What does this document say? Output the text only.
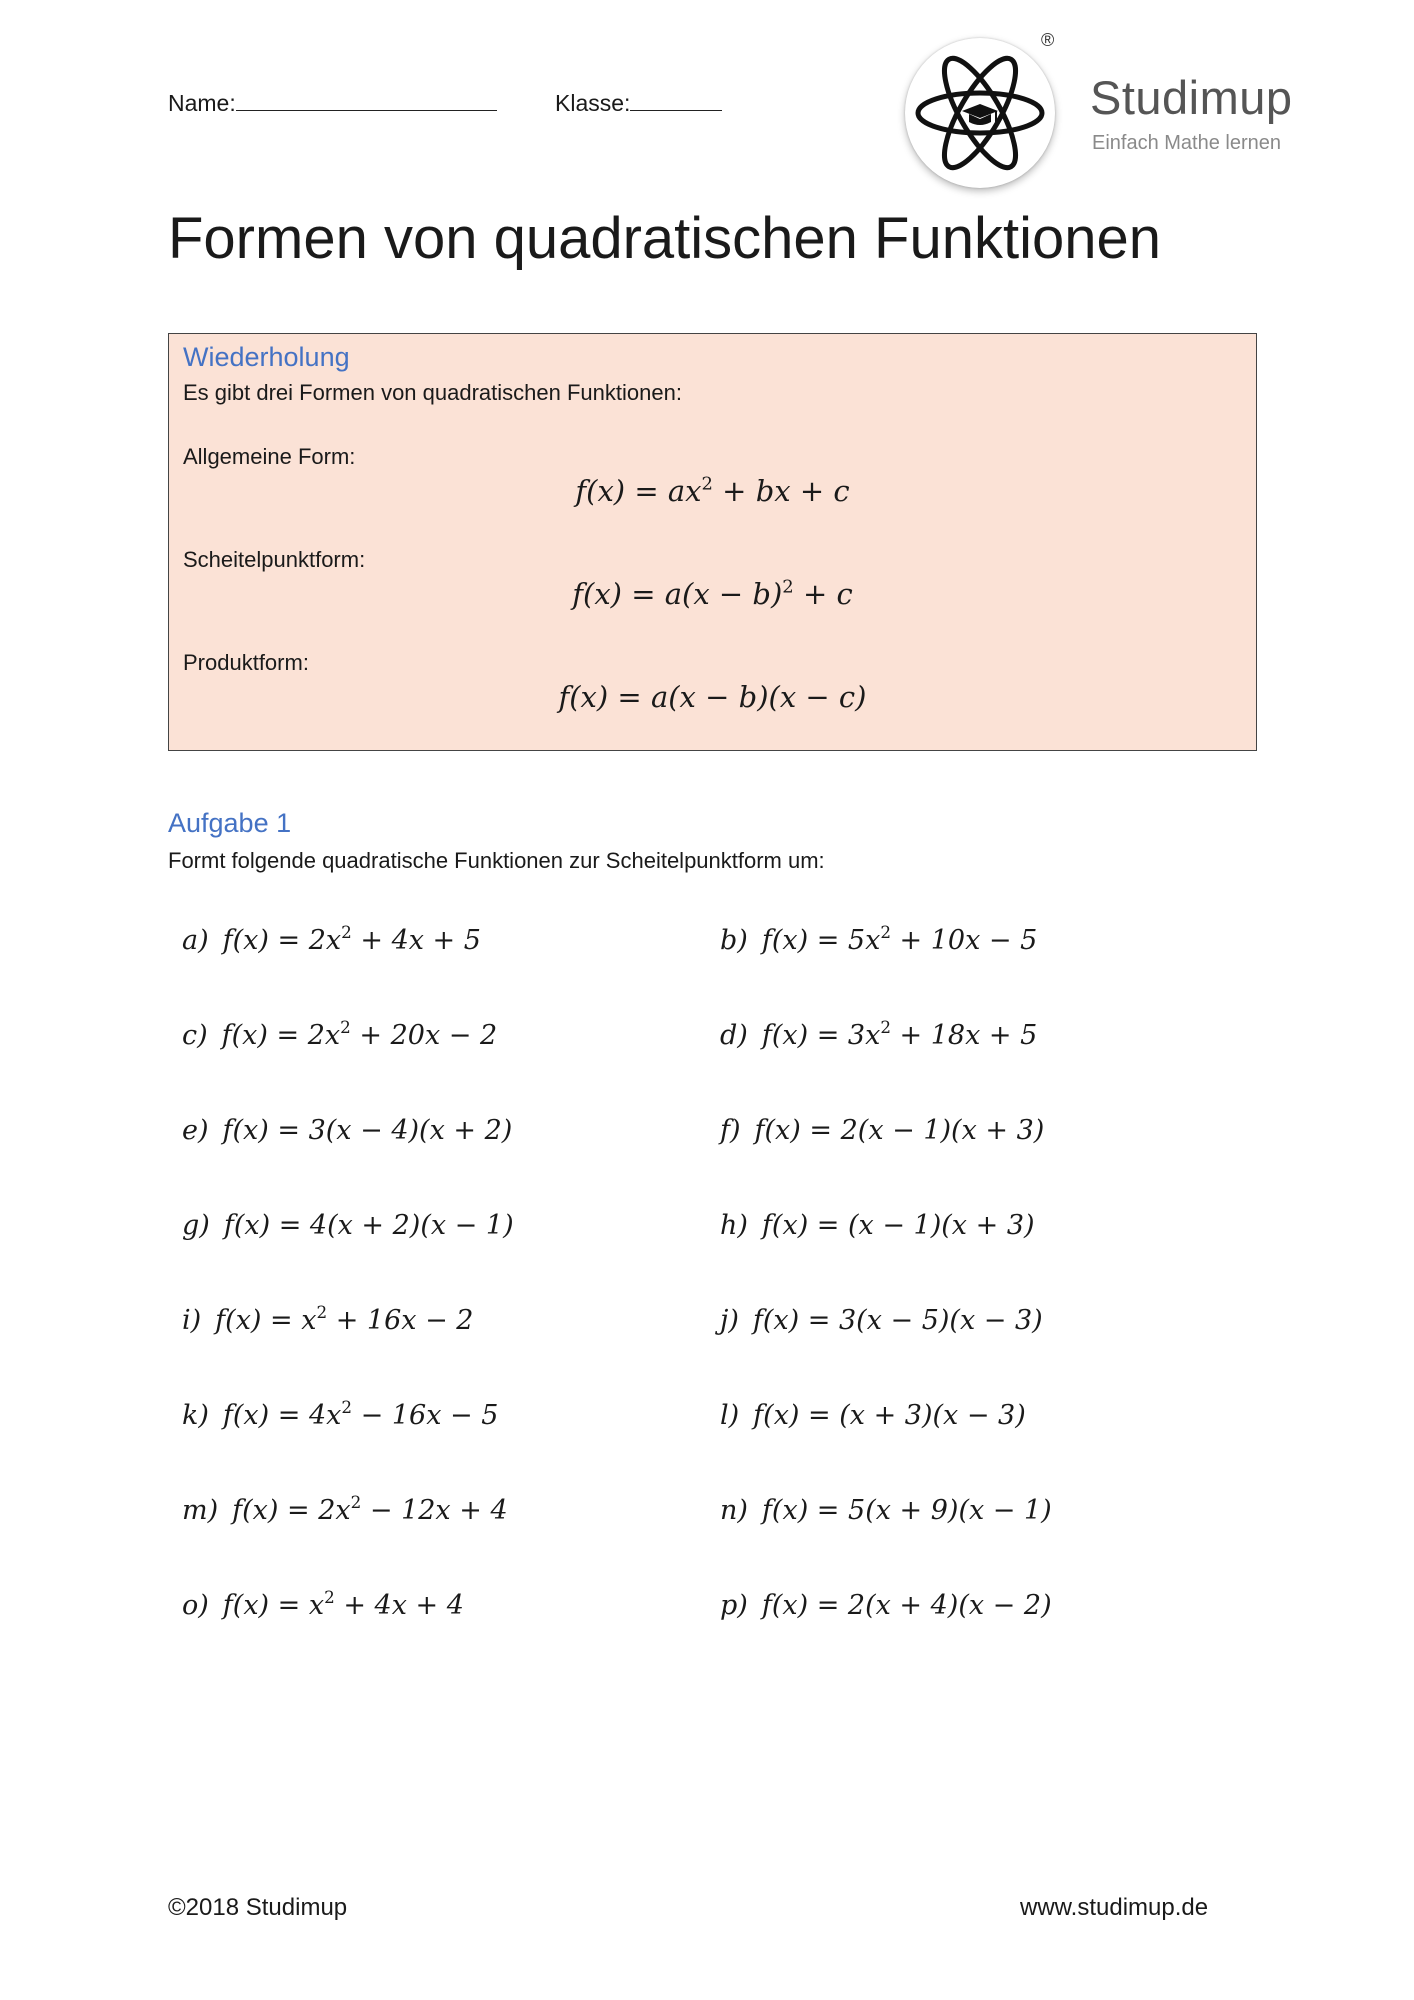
Name:	Klasse:
®
Studimup
Einfach Mathe lernen
Formen von quadratischen Funktionen
Wiederholung
Es gibt drei Formen von quadratischen Funktionen:
Allgemeine Form:
$f(x) = ax^2$ + bx + c
Scheitelpunktform:
$f(x) = a(x - b)^2 + c$
Produktform:
f(x) = a(x − b)(x − c)
Aufgabe 1
Formt folgende quadratische Funktionen zur Scheitelpunktform um:
a) $f(x) = 2x^2 + 4x + 5$	b) $f(x) = 5x^2 + 10x - 5$
c) $f(x) = 2x^2 + 20x - 2$	d) $f(x) = 3x^2 + 18x + 5$
e) f(x) = 3(x − 4)(x + 2)	f) f(x) = 2(x − 1)(x + 3)
g) f(x) = 4(x + 2)(x − 1)	h) f(x) = (x − 1)(x + 3)
i) $f(x) = x^2 + 16x - 2$	j) f(x) = 3(x − 5)(x − 3)
k) $f(x) = 4x^2 - 16x - 5$	l) f(x) = (x + 3)(x − 3)
m) $f(x) = 2x^2 - 12x + 4$	n) f(x) = 5(x + 9)(x − 1)
o) $f(x) = x^2 + 4x + 4$	p) f(x) = 2(x + 4)(x − 2)
©2018 Studimup	www.studimup.de
